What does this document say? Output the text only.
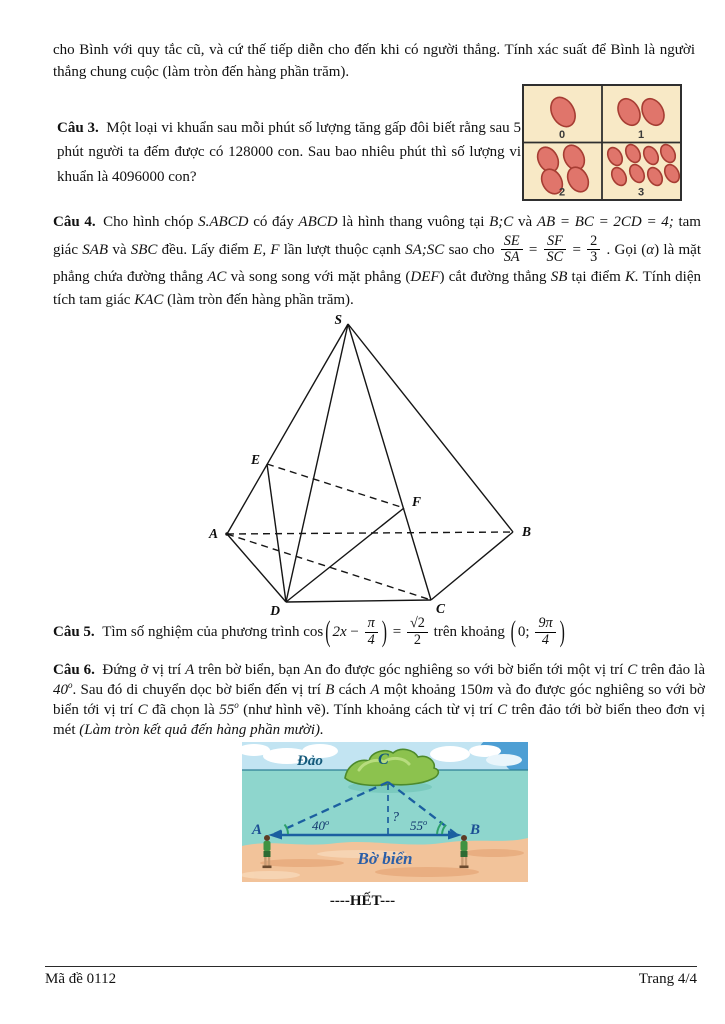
cho Bình với quy tắc cũ, và cứ thế tiếp diễn cho đến khi có người thắng. Tính xác suất để Bình là người thắng chung cuộc (làm tròn đến hàng phần trăm).
Câu 3. Một loại vi khuẩn sau mỗi phút số lượng tăng gấp đôi biết rằng sau 5 phút người ta đếm được có 128000 con. Sau bao nhiêu phút thì số lượng vi khuẩn là 4096000 con?
0	1
2	3
Câu 4. Cho hình chóp S.ABCD có đáy ABCD là hình thang vuông tại B;C và AB = BC = 2CD = 4; tam giác SAB và SBC đều. Lấy điểm E, F lần lượt thuộc cạnh SA;SC sao cho $\frac{SE}{SA} = \frac{SF}{SC} = \frac{2}{3}$ . Gọi (α) là mặt phẳng chứa đường thẳng AC và song song với mặt phẳng (DEF) cắt đường thẳng SB tại điểm K. Tính diện tích tam giác KAC (làm tròn đến hàng phần trăm).
S
E
F
A	B
D	C
Câu 5. Tìm số nghiệm của phương trình cos ( $2x - \frac{\pi}{4}$ ) = $\frac{√2}{2}$ trên khoảng ( 0; $\frac{9\pi}{4}$ )
Câu 6. Đứng ở vị trí A trên bờ biển, bạn An đo được góc nghiêng so với bờ biển tới một vị trí C trên đảo là 40$^o$. Sau đó di chuyển dọc bờ biển đến vị trí B cách A một khoảng 150m và đo được góc nghiêng so với bờ biển tới vị trí C đã chọn là 55$^o$ (như hình vẽ). Tính khoảng cách từ vị trí C trên đảo tới bờ biển theo đơn vị mét (Làm tròn kết quả đến hàng phần mười).
Đảo	C
?
40$^o$	55$^o$
A	B
Bờ biển
----HẾT---
Mã đề 0112	Trang 4/4
